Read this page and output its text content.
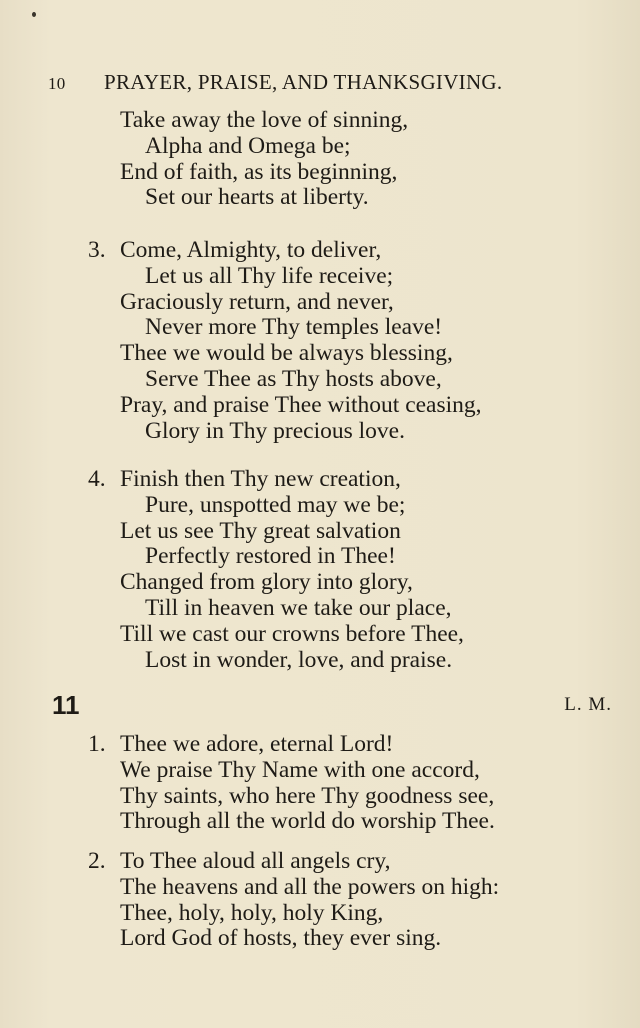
10 PRAYER, PRAISE, AND THANKSGIVING.
Take away the love of sinning,
Alpha and Omega be;
End of faith, as its beginning,
Set our hearts at liberty.
3. Come, Almighty, to deliver,
Let us all Thy life receive;
Graciously return, and never,
Never more Thy temples leave!
Thee we would be always blessing,
Serve Thee as Thy hosts above,
Pray, and praise Thee without ceasing,
Glory in Thy precious love.
4. Finish then Thy new creation,
Pure, unspotted may we be;
Let us see Thy great salvation
Perfectly restored in Thee!
Changed from glory into glory,
Till in heaven we take our place,
Till we cast our crowns before Thee,
Lost in wonder, love, and praise.
11	L. M.
1. Thee we adore, eternal Lord!
We praise Thy Name with one accord,
Thy saints, who here Thy goodness see,
Through all the world do worship Thee.
2. To Thee aloud all angels cry,
The heavens and all the powers on high:
Thee, holy, holy, holy King,
Lord God of hosts, they ever sing.
